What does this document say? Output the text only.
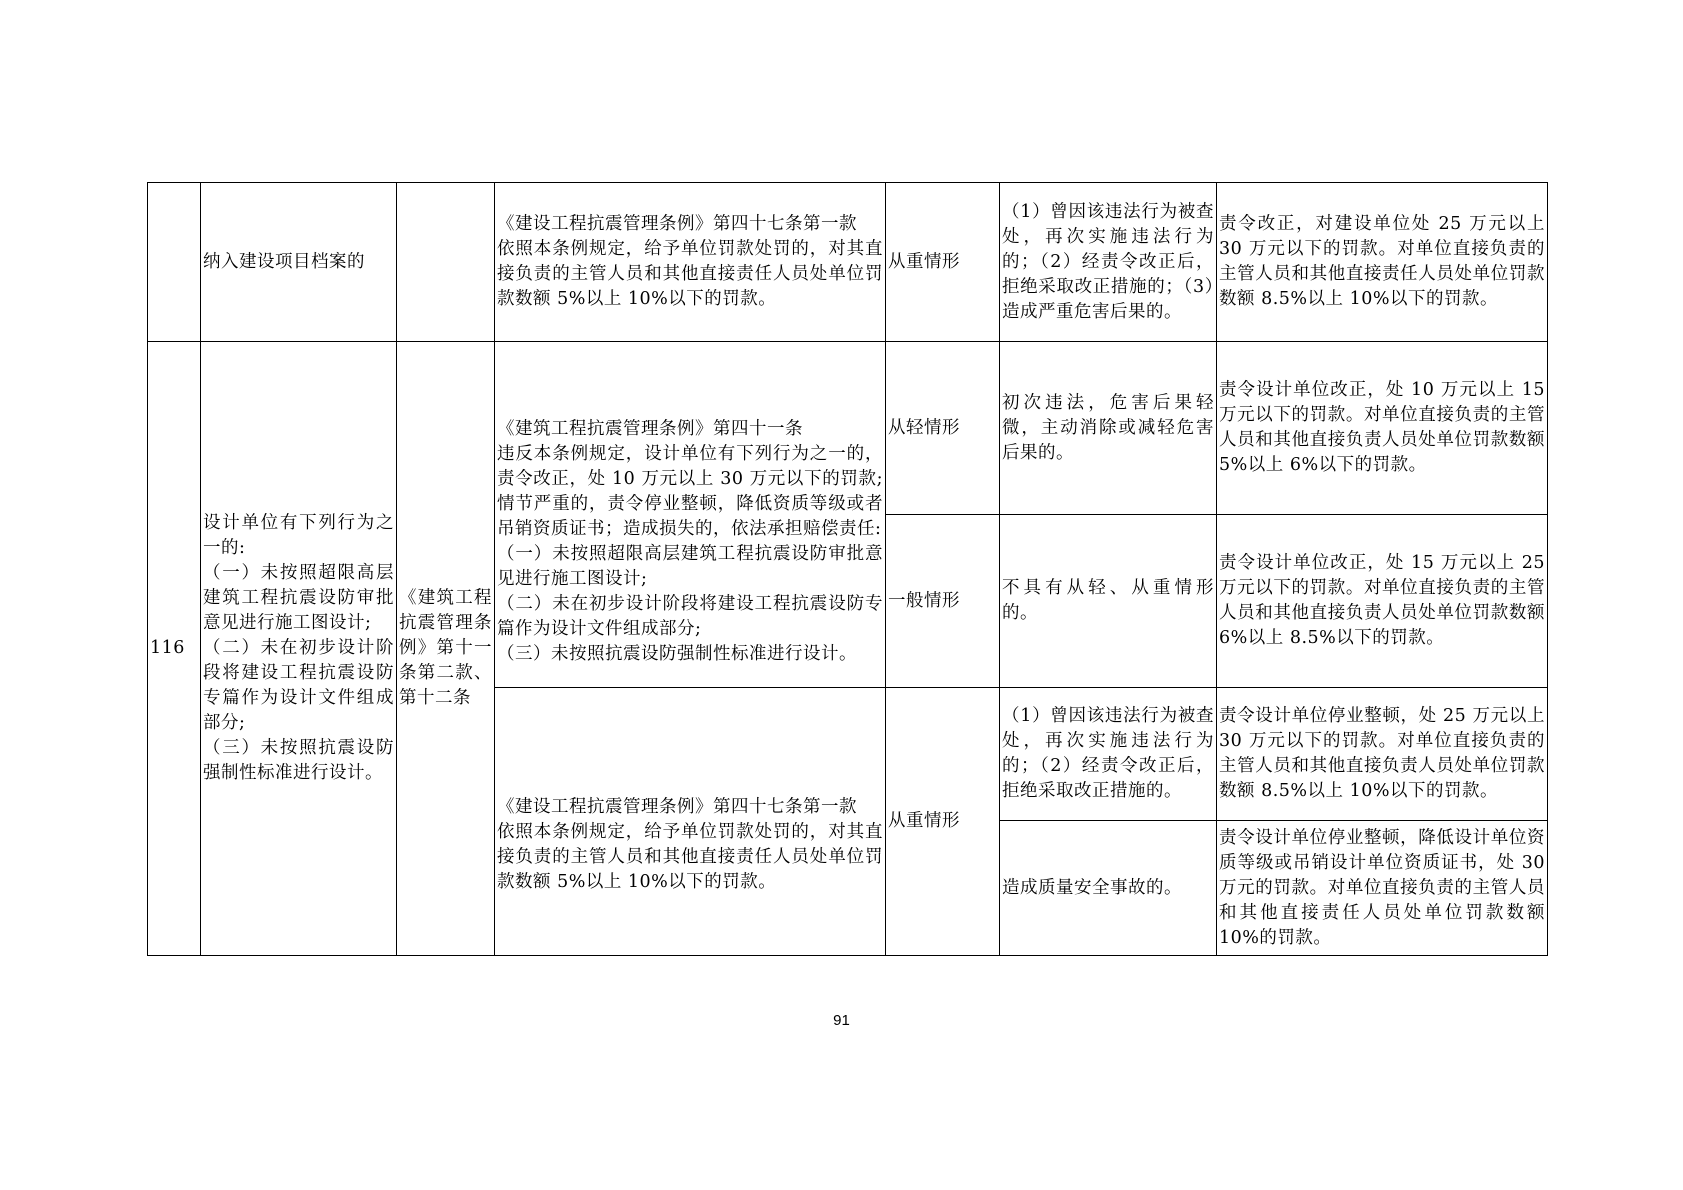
	纳入建设项目档案的		《建设工程抗震管理条例》第四十七条第一款
依照本条例规定，给予单位罚款处罚的，对其直接负责的主管人员和其他直接责任人员处单位罚款数额 5%以上 10%以下的罚款。	从重情形	（1）曾因该违法行为被查处，再次实施违法行为的；（2）经责令改正后，拒绝采取改正措施的；（3）造成严重危害后果的。	责令改正，对建设单位处 25 万元以上 30 万元以下的罚款。对单位直接负责的主管人员和其他直接责任人员处单位罚款数额 8.5%以上 10%以下的罚款。
116	设计单位有下列行为之一的:
（一）未按照超限高层建筑工程抗震设防审批意见进行施工图设计;
（二）未在初步设计阶段将建设工程抗震设防专篇作为设计文件组成部分;
（三）未按照抗震设防强制性标准进行设计。	《建筑工程抗震管理条例》第十一条第二款、第十二条	《建筑工程抗震管理条例》第四十一条
违反本条例规定，设计单位有下列行为之一的，责令改正，处 10 万元以上 30 万元以下的罚款;情节严重的，责令停业整顿，降低资质等级或者吊销资质证书；造成损失的，依法承担赔偿责任:
（一）未按照超限高层建筑工程抗震设防审批意见进行施工图设计;
（二）未在初步设计阶段将建设工程抗震设防专篇作为设计文件组成部分;
（三）未按照抗震设防强制性标准进行设计。	从轻情形	初次违法，危害后果轻微，主动消除或减轻危害后果的。	责令设计单位改正，处 10 万元以上 15 万元以下的罚款。对单位直接负责的主管人员和其他直接负责人员处单位罚款数额 5%以上 6%以下的罚款。
				一般情形	不具有从轻、从重情形的。	责令设计单位改正，处 15 万元以上 25 万元以下的罚款。对单位直接负责的主管人员和其他直接负责人员处单位罚款数额 6%以上 8.5%以下的罚款。
			《建设工程抗震管理条例》第四十七条第一款
依照本条例规定，给予单位罚款处罚的，对其直接负责的主管人员和其他直接责任人员处单位罚款数额 5%以上 10%以下的罚款。	从重情形	（1）曾因该违法行为被查处，再次实施违法行为的；（2）经责令改正后，拒绝采取改正措施的。	责令设计单位停业整顿，处 25 万元以上 30 万元以下的罚款。对单位直接负责的主管人员和其他直接负责人员处单位罚款数额 8.5%以上 10%以下的罚款。
					造成质量安全事故的。	责令设计单位停业整顿，降低设计单位资质等级或吊销设计单位资质证书，处 30 万元的罚款。对单位直接负责的主管人员和其他直接责任人员处单位罚款数额 10%的罚款。
91
